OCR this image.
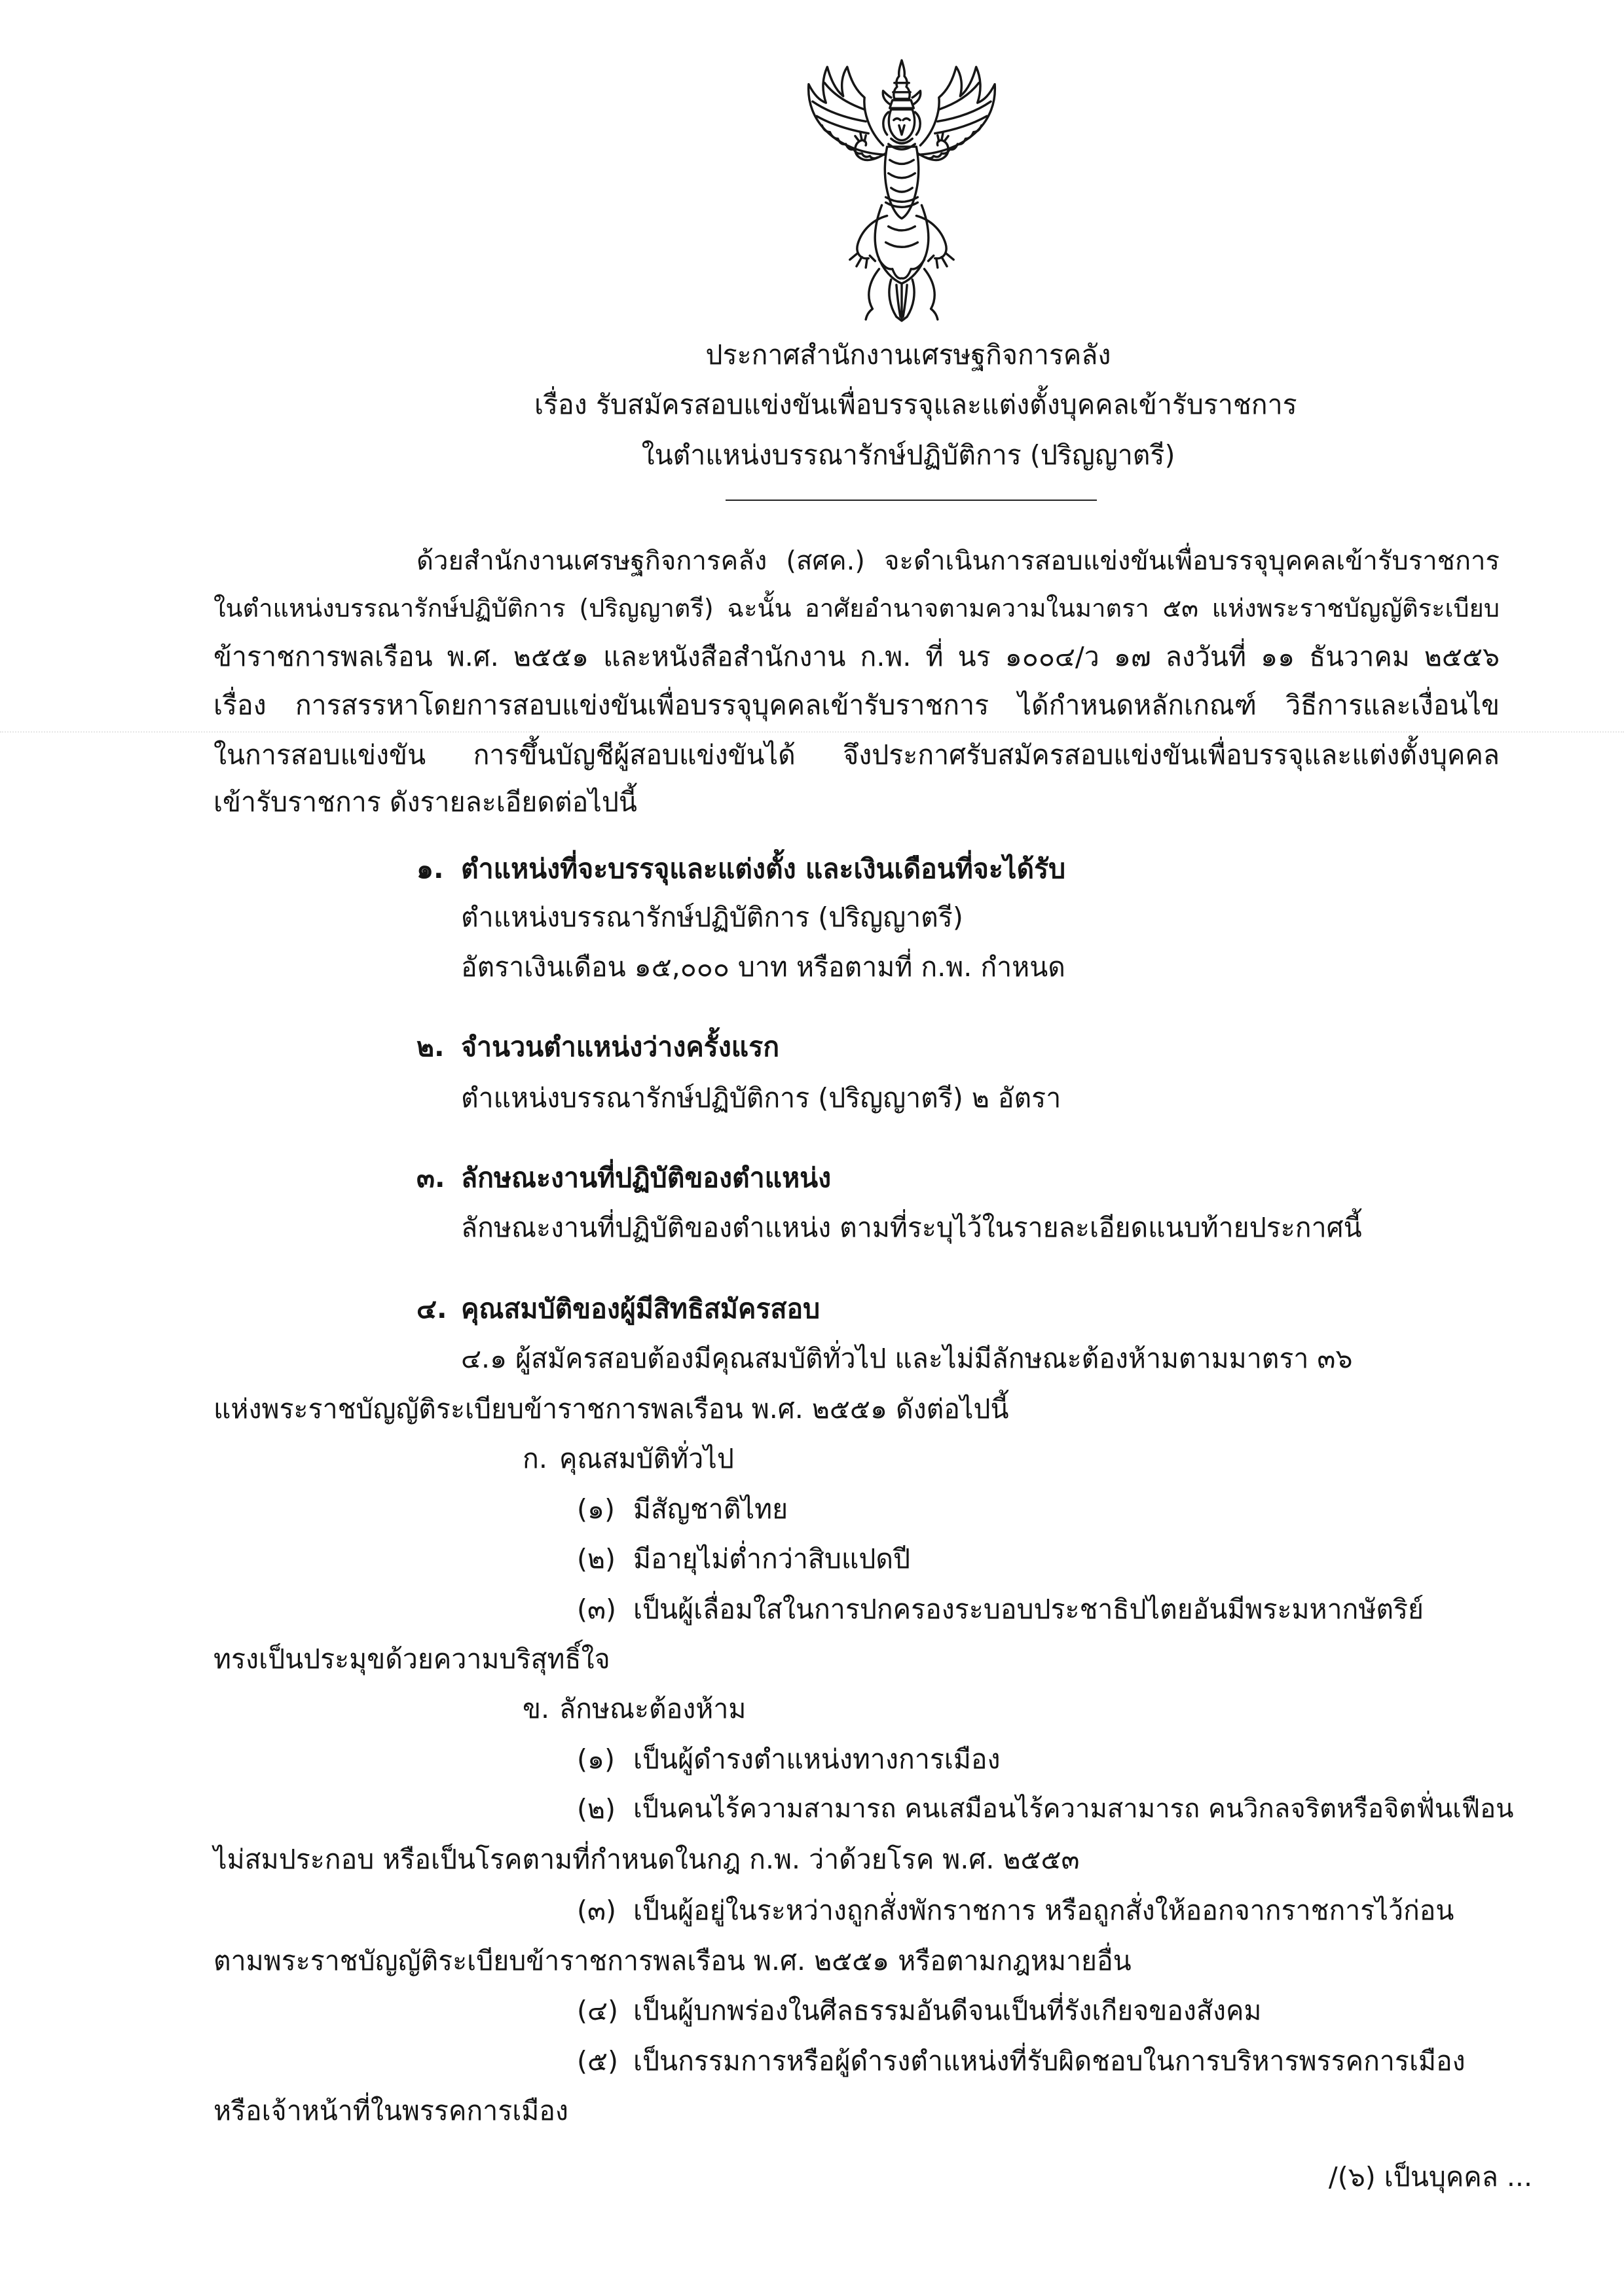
ประกาศสำนักงานเศรษฐกิจการคลัง
เรื่อง รับสมัครสอบแข่งขันเพื่อบรรจุและแต่งตั้งบุคคลเข้ารับราชการ
ในตำแหน่งบรรณารักษ์ปฏิบัติการ (ปริญญาตรี)
ด้วยสำนักงานเศรษฐกิจการคลัง (สศค.) จะดำเนินการสอบแข่งขันเพื่อบรรจุบุคคลเข้ารับราชการ
ในตำแหน่งบรรณารักษ์ปฏิบัติการ (ปริญญาตรี) ฉะนั้น อาศัยอำนาจตามความในมาตรา ๕๓ แห่งพระราชบัญญัติระเบียบ
ข้าราชการพลเรือน พ.ศ. ๒๕๕๑ และหนังสือสำนักงาน ก.พ. ที่ นร ๑๐๐๔/ว ๑๗ ลงวันที่ ๑๑ ธันวาคม ๒๕๕๖
เรื่อง การสรรหาโดยการสอบแข่งขันเพื่อบรรจุบุคคลเข้ารับราชการ ได้กำหนดหลักเกณฑ์ วิธีการและเงื่อนไข
ในการสอบแข่งขัน การขึ้นบัญชีผู้สอบแข่งขันได้ จึงประกาศรับสมัครสอบแข่งขันเพื่อบรรจุและแต่งตั้งบุคคล
เข้ารับราชการ ดังรายละเอียดต่อไปนี้
๑. ตำแหน่งที่จะบรรจุและแต่งตั้ง และเงินเดือนที่จะได้รับ
ตำแหน่งบรรณารักษ์ปฏิบัติการ (ปริญญาตรี)
อัตราเงินเดือน ๑๕,๐๐๐ บาท หรือตามที่ ก.พ. กำหนด
๒. จำนวนตำแหน่งว่างครั้งแรก
ตำแหน่งบรรณารักษ์ปฏิบัติการ (ปริญญาตรี) ๒ อัตรา
๓. ลักษณะงานที่ปฏิบัติของตำแหน่ง
ลักษณะงานที่ปฏิบัติของตำแหน่ง ตามที่ระบุไว้ในรายละเอียดแนบท้ายประกาศนี้
๔. คุณสมบัติของผู้มีสิทธิสมัครสอบ
๔.๑ ผู้สมัครสอบต้องมีคุณสมบัติทั่วไป และไม่มีลักษณะต้องห้ามตามมาตรา ๓๖
แห่งพระราชบัญญัติระเบียบข้าราชการพลเรือน พ.ศ. ๒๕๕๑ ดังต่อไปนี้
ก. คุณสมบัติทั่วไป
(๑) มีสัญชาติไทย
(๒) มีอายุไม่ต่ำกว่าสิบแปดปี
(๓) เป็นผู้เลื่อมใสในการปกครองระบอบประชาธิปไตยอันมีพระมหากษัตริย์
ทรงเป็นประมุขด้วยความบริสุทธิ์ใจ
ข. ลักษณะต้องห้าม
(๑) เป็นผู้ดำรงตำแหน่งทางการเมือง
(๒) เป็นคนไร้ความสามารถ คนเสมือนไร้ความสามารถ คนวิกลจริตหรือจิตฟั่นเฟือน
ไม่สมประกอบ หรือเป็นโรคตามที่กำหนดในกฎ ก.พ. ว่าด้วยโรค พ.ศ. ๒๕๕๓
(๓) เป็นผู้อยู่ในระหว่างถูกสั่งพักราชการ หรือถูกสั่งให้ออกจากราชการไว้ก่อน
ตามพระราชบัญญัติระเบียบข้าราชการพลเรือน พ.ศ. ๒๕๕๑ หรือตามกฎหมายอื่น
(๔) เป็นผู้บกพร่องในศีลธรรมอันดีจนเป็นที่รังเกียจของสังคม
(๕) เป็นกรรมการหรือผู้ดำรงตำแหน่งที่รับผิดชอบในการบริหารพรรคการเมือง
หรือเจ้าหน้าที่ในพรรคการเมือง
/(๖) เป็นบุคคล ...
